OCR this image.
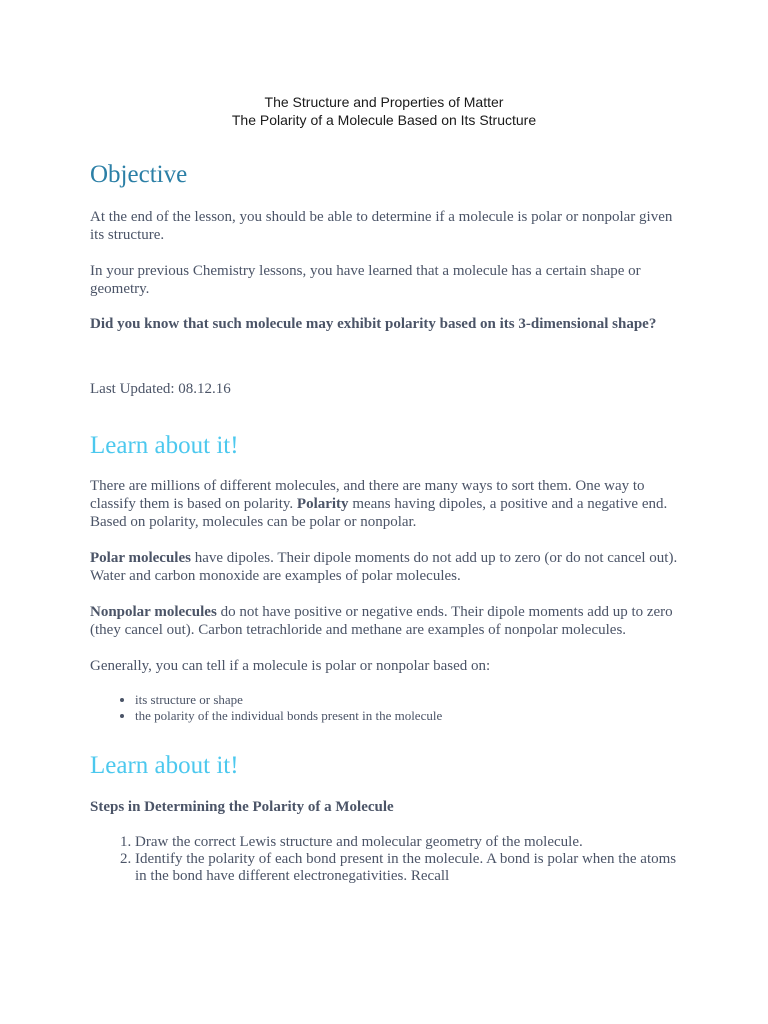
The Structure and Properties of Matter
The Polarity of a Molecule Based on Its Structure
Objective

At the end of the lesson, you should be able to determine if a molecule is polar or nonpolar given its structure.

In your previous Chemistry lessons, you have learned that a molecule has a certain shape or geometry.

Did you know that such molecule may exhibit polarity based on its 3-dimensional shape?

Last Updated: 08.12.16

Learn about it!

There are millions of different molecules, and there are many ways to sort them. One way to classify them is based on polarity. Polarity means having dipoles, a positive and a negative end. Based on polarity, molecules can be polar or nonpolar.

Polar molecules have dipoles. Their dipole moments do not add up to zero (or do not cancel out). Water and carbon monoxide are examples of polar molecules.

Nonpolar molecules do not have positive or negative ends. Their dipole moments add up to zero (they cancel out). Carbon tetrachloride and methane are examples of nonpolar molecules.

Generally, you can tell if a molecule is polar or nonpolar based on:

• its structure or shape
• the polarity of the individual bonds present in the molecule
Learn about it!
Steps in Determining the Polarity of a Molecule
1. Draw the correct Lewis structure and molecular geometry of the molecule.
2. Identify the polarity of each bond present in the molecule. A bond is polar when the atoms in the bond have different electronegativities. Recall
